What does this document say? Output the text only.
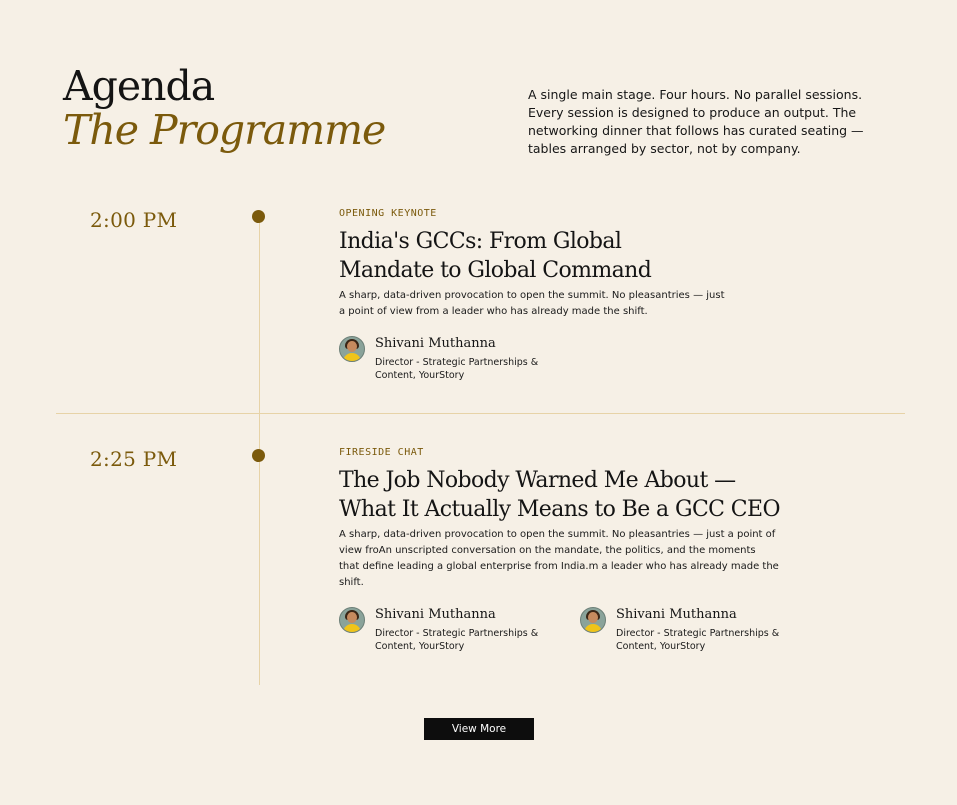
Agenda
The Programme
A single main stage. Four hours. No parallel sessions. Every session is designed to produce an output. The networking dinner that follows has curated seating — tables arranged by sector, not by company.
2:00 PM	OPENING KEYNOTE
India's GCCs: From Global
Mandate to Global Command
A sharp, data-driven provocation to open the summit. No pleasantries — just
a point of view from a leader who has already made the shift.
Shivani Muthanna
Director - Strategic Partnerships &
Content, YourStory
2:25 PM	FIRESIDE CHAT
The Job Nobody Warned Me About —
What It Actually Means to Be a GCC CEO
A sharp, data-driven provocation to open the summit. No pleasantries — just a point of
view froAn unscripted conversation on the mandate, the politics, and the moments
that define leading a global enterprise from India.m a leader who has already made the
shift.
Shivani Muthanna
Director - Strategic Partnerships &
Content, YourStory
Shivani Muthanna
Director - Strategic Partnerships &
Content, YourStory
View More
